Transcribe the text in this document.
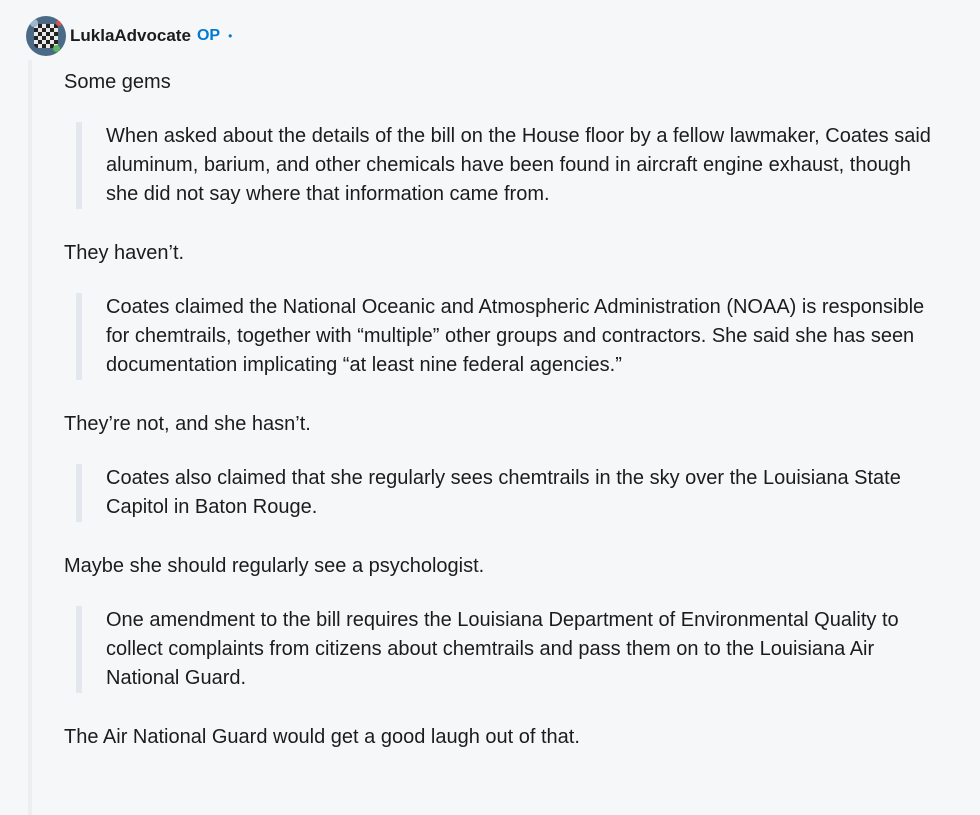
LuklaAdvocate OP •

Some gems

When asked about the details of the bill on the House floor by a fellow lawmaker, Coates said aluminum, barium, and other chemicals have been found in aircraft engine exhaust, though she did not say where that information came from.

They haven’t.

Coates claimed the National Oceanic and Atmospheric Administration (NOAA) is responsible for chemtrails, together with “multiple” other groups and contractors. She said she has seen documentation implicating “at least nine federal agencies.”

They’re not, and she hasn’t.

Coates also claimed that she regularly sees chemtrails in the sky over the Louisiana State Capitol in Baton Rouge.

Maybe she should regularly see a psychologist.

One amendment to the bill requires the Louisiana Department of Environmental Quality to collect complaints from citizens about chemtrails and pass them on to the Louisiana Air National Guard.

The Air National Guard would get a good laugh out of that.
